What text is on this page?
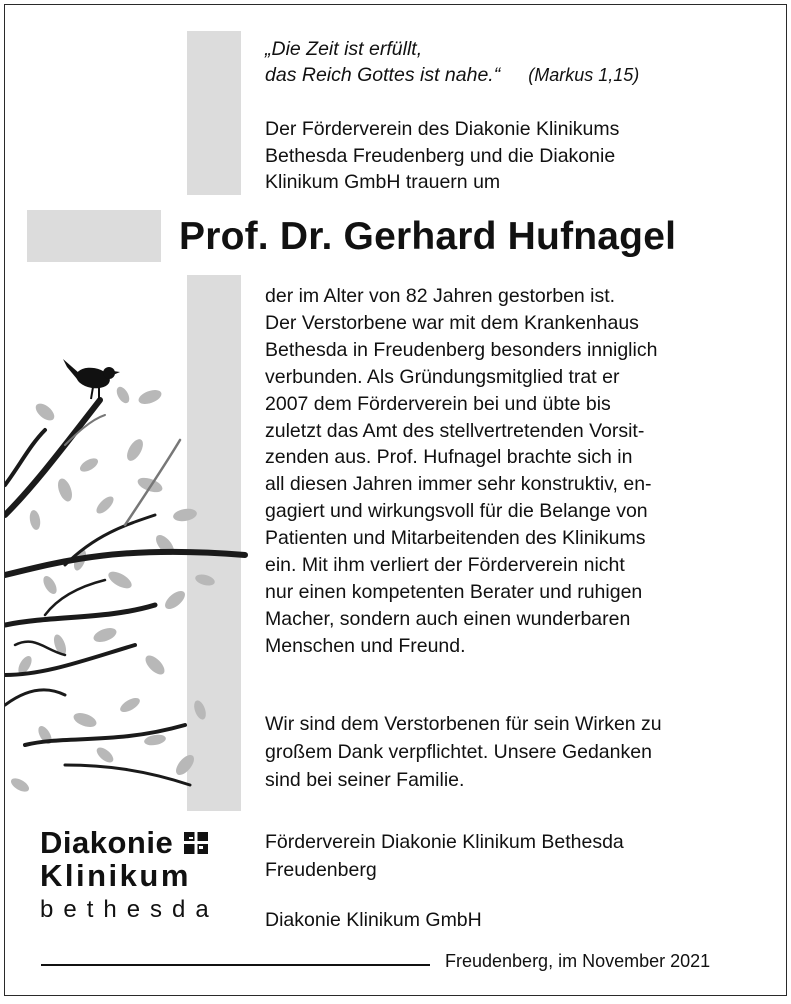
„Die Zeit ist erfüllt,
das Reich Gottes ist nahe.“ (Markus 1,15)
Der Förderverein des Diakonie Klinikums
Bethesda Freudenberg und die Diakonie
Klinikum GmbH trauern um
Prof. Dr. Gerhard Hufnagel
der im Alter von 82 Jahren gestorben ist.
Der Verstorbene war mit dem Krankenhaus
Bethesda in Freudenberg besonders inniglich
verbunden. Als Gründungsmitglied trat er
2007 dem Förderverein bei und übte bis
zuletzt das Amt des stellvertretenden Vorsit-
zenden aus. Prof. Hufnagel brachte sich in
all diesen Jahren immer sehr konstruktiv, en-
gagiert und wirkungsvoll für die Belange von
Patienten und Mitarbeitenden des Klinikums
ein. Mit ihm verliert der Förderverein nicht
nur einen kompetenten Berater und ruhigen
Macher, sondern auch einen wunderbaren
Menschen und Freund.
Wir sind dem Verstorbenen für sein Wirken zu
großem Dank verpflichtet. Unsere Gedanken
sind bei seiner Familie.
Diakonie
Klinikum
bethesda
Förderverein Diakonie Klinikum Bethesda
Freudenberg
Diakonie Klinikum GmbH
Freudenberg, im November 2021
